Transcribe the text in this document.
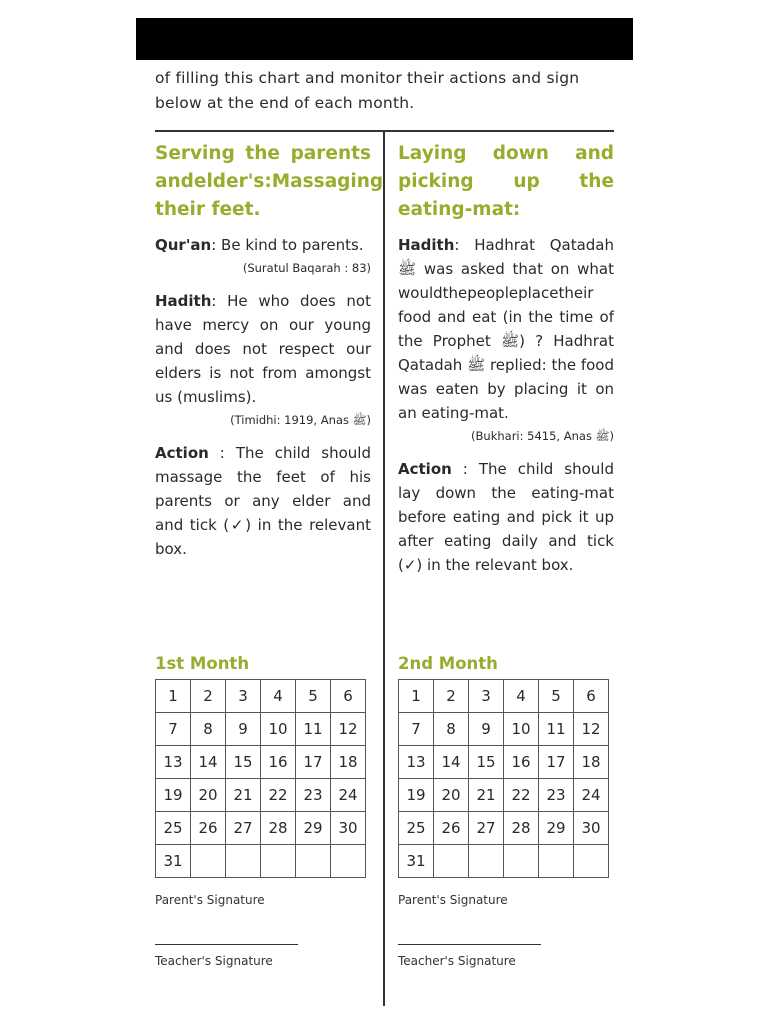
of filling this chart and monitor their actions and sign below at the end of each month.

Serving the parents andelder's:Massaging their feet.

Qur'an: Be kind to parents.

(Suratul Baqarah : 83)

Hadith: He who does not have mercy on our young and does not respect our elders is not from amongst us (muslims).

(Timidhi: 1919, Anas ﷺ)

Action : The child should massage the feet of his parents or any elder and and tick (✓) in the relevant box.

Laying down and picking up the eating-mat:

Hadith: Hadhrat Qatadah ﷺ was asked that on what wouldthepeopleplacetheir food and eat (in the time of the Prophet ﷺ) ? Hadhrat Qatadah ﷺ replied: the food was eaten by placing it on an eating-mat.

(Bukhari: 5415, Anas ﷺ)

Action : The child should lay down the eating-mat before eating and pick it up after eating daily and tick (✓) in the relevant box.

1st Month	2nd Month
1	2	3	4	5	6
7	8	9	10	11	12
13	14	15	16	17	18
19	20	21	22	23	24
25	26	27	28	29	30
31					
1	2	3	4	5	6
7	8	9	10	11	12
13	14	15	16	17	18
19	20	21	22	23	24
25	26	27	28	29	30
31					
Parent's Signature
Teacher's Signature
Parent's Signature
Teacher's Signature
